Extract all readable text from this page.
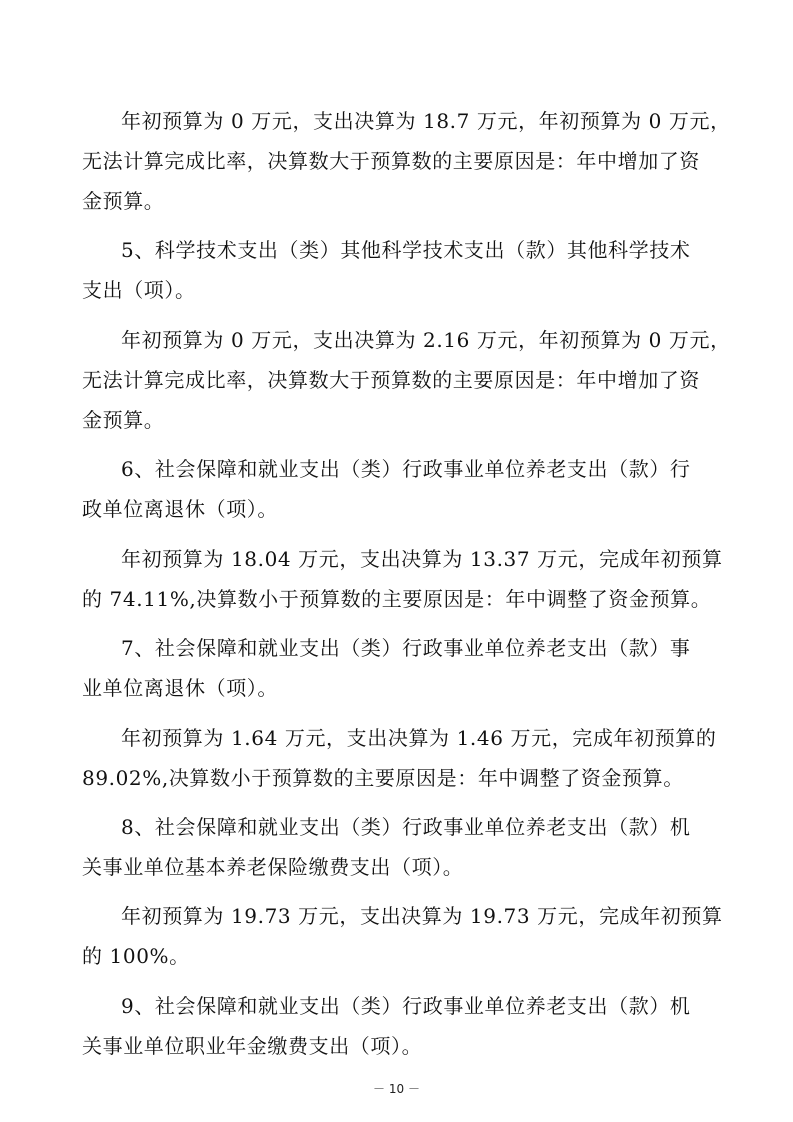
年初预算为 0 万元，支出决算为 18.7 万元，年初预算为 0 万元，
无法计算完成比率，决算数大于预算数的主要原因是：年中增加了资
金预算。
5、科学技术支出（类）其他科学技术支出（款）其他科学技术
支出（项）。
年初预算为 0 万元，支出决算为 2.16 万元，年初预算为 0 万元，
无法计算完成比率，决算数大于预算数的主要原因是：年中增加了资
金预算。
6、社会保障和就业支出（类）行政事业单位养老支出（款）行
政单位离退休（项）。
年初预算为 18.04 万元，支出决算为 13.37 万元，完成年初预算
的 74.11%,决算数小于预算数的主要原因是：年中调整了资金预算。
7、社会保障和就业支出（类）行政事业单位养老支出（款）事
业单位离退休（项）。
年初预算为 1.64 万元，支出决算为 1.46 万元，完成年初预算的
89.02%,决算数小于预算数的主要原因是：年中调整了资金预算。
8、社会保障和就业支出（类）行政事业单位养老支出（款）机
关事业单位基本养老保险缴费支出（项）。
年初预算为 19.73 万元，支出决算为 19.73 万元，完成年初预算
的 100%。
9、社会保障和就业支出（类）行政事业单位养老支出（款）机
关事业单位职业年金缴费支出（项）。
－ 10 －
